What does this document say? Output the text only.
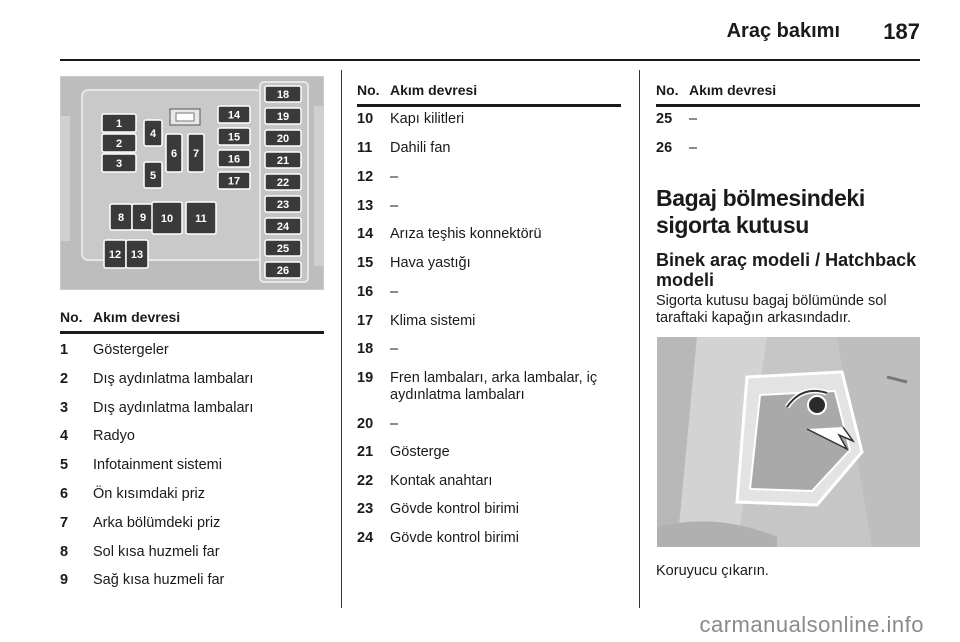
Araç bakımı 187
1
2
3
4
5
6 7
8 9 10 11
12 13
14
15
16
17
18
19
20
21
22
23
24
25
26
No. Akım devresi
1 Göstergeler
2 Dış aydınlatma lambaları
3 Dış aydınlatma lambaları
4 Radyo
5 Infotainment sistemi
6 Ön kısımdaki priz
7 Arka bölümdeki priz
8 Sol kısa huzmeli far
9 Sağ kısa huzmeli far
No. Akım devresi
10 Kapı kilitleri
11 Dahili fan
12 –
13 –
14 Arıza teşhis konnektörü
15 Hava yastığı
16 –
17 Klima sistemi
18 –
19 Fren lambaları, arka lambalar, iç aydınlatma lambaları
20 –
21 Gösterge
22 Kontak anahtarı
23 Gövde kontrol birimi
24 Gövde kontrol birimi
No. Akım devresi
25 –
26 –
Bagaj bölmesindeki sigorta kutusu
Binek araç modeli / Hatchback modeli
Sigorta kutusu bagaj bölümünde sol taraftaki kapağın arkasındadır.
Koruyucu çıkarın.
carmanualsonline.info
